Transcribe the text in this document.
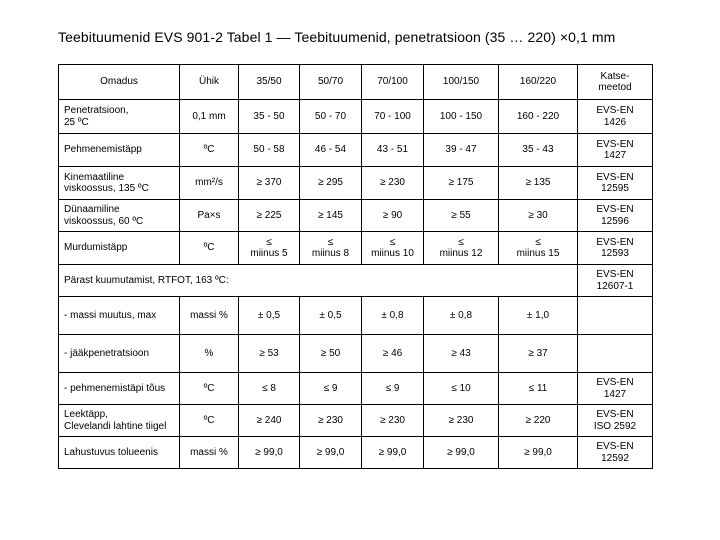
Teebituumenid EVS 901-2 Tabel 1 — Teebituumenid, penetratsioon (35 … 220) ×0,1 mm
Omadus	Ühik	35/50	50/70	70/100	100/150	160/220	Katse-
meetod
Penetratsioon,
25 ºC	0,1 mm	35 - 50	50 - 70	70 - 100	100 - 150	160 - 220	EVS-EN
1426
Pehmenemistäpp	ºC	50 - 58	46 - 54	43 - 51	39 - 47	35 - 43	EVS-EN
1427
Kinemaatiline
viskoossus, 135 ºC	mm²/s	≥ 370	≥ 295	≥ 230	≥ 175	≥ 135	EVS-EN
12595
Dünaamiline
viskoossus, 60 ºC	Pa×s	≥ 225	≥ 145	≥ 90	≥ 55	≥ 30	EVS-EN
12596
Murdumistäpp	ºC	≤
miinus 5	≤
miinus 8	≤
miinus 10	≤
miinus 12	≤
miinus 15	EVS-EN
12593
Pärast kuumutamist, RTFOT, 163 ºC:							EVS-EN
12607-1
- massi muutus, max	massi %	± 0,5	± 0,5	± 0,8	± 0,8	± 1,0	
- jääkpenetratsioon	%	≥ 53	≥ 50	≥ 46	≥ 43	≥ 37	
- pehmenemistäpi tõus	ºC	≤ 8	≤ 9	≤ 9	≤ 10	≤ 11	EVS-EN
1427
Leektäpp,
Clevelandi lahtine tiigel	ºC	≥ 240	≥ 230	≥ 230	≥ 230	≥ 220	EVS-EN
ISO 2592
Lahustuvus tolueenis	massi %	≥ 99,0	≥ 99,0	≥ 99,0	≥ 99,0	≥ 99,0	EVS-EN
12592
